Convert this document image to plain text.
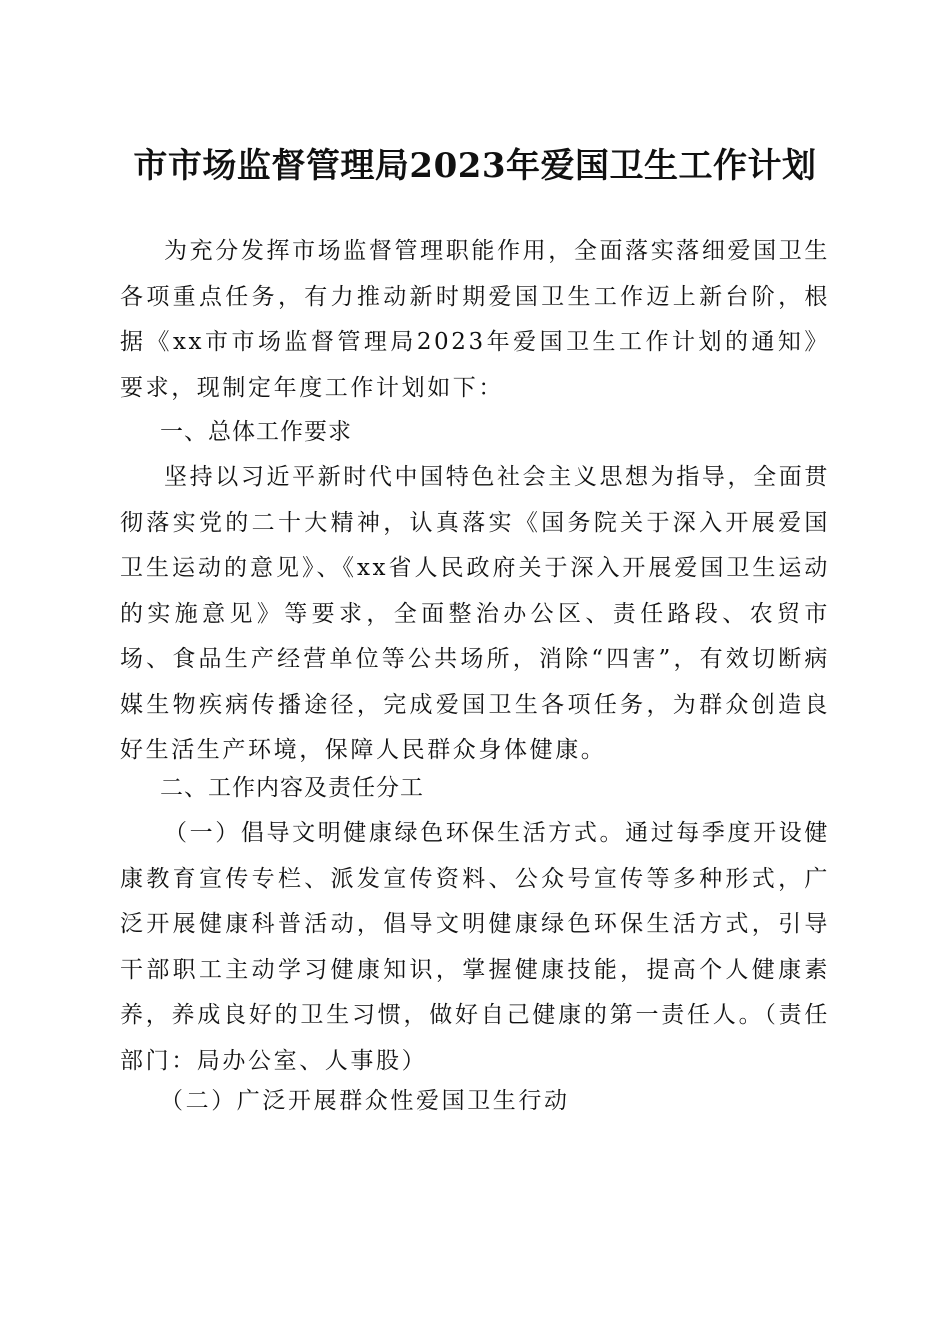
市市场监督管理局2023年爱国卫生工作计划

为充分发挥市场监督管理职能作用，全面落实落细爱国卫生各项重点任务，有力推动新时期爱国卫生工作迈上新台阶，根据《xx市市场监督管理局2023年爱国卫生工作计划的通知》要求，现制定年度工作计划如下：

一、总体工作要求

坚持以习近平新时代中国特色社会主义思想为指导，全面贯彻落实党的二十大精神，认真落实《国务院关于深入开展爱国卫生运动的意见》、《xx省人民政府关于深入开展爱国卫生运动的实施意见》等要求，全面整治办公区、责任路段、农贸市场、食品生产经营单位等公共场所，消除“四害”，有效切断病媒生物疾病传播途径，完成爱国卫生各项任务，为群众创造良好生活生产环境，保障人民群众身体健康。

二、工作内容及责任分工

（一）倡导文明健康绿色环保生活方式。通过每季度开设健康教育宣传专栏、派发宣传资料、公众号宣传等多种形式，广泛开展健康科普活动，倡导文明健康绿色环保生活方式，引导干部职工主动学习健康知识，掌握健康技能，提高个人健康素养，养成良好的卫生习惯，做好自己健康的第一责任人。（责任部门：局办公室、人事股）

（二）广泛开展群众性爱国卫生行动
